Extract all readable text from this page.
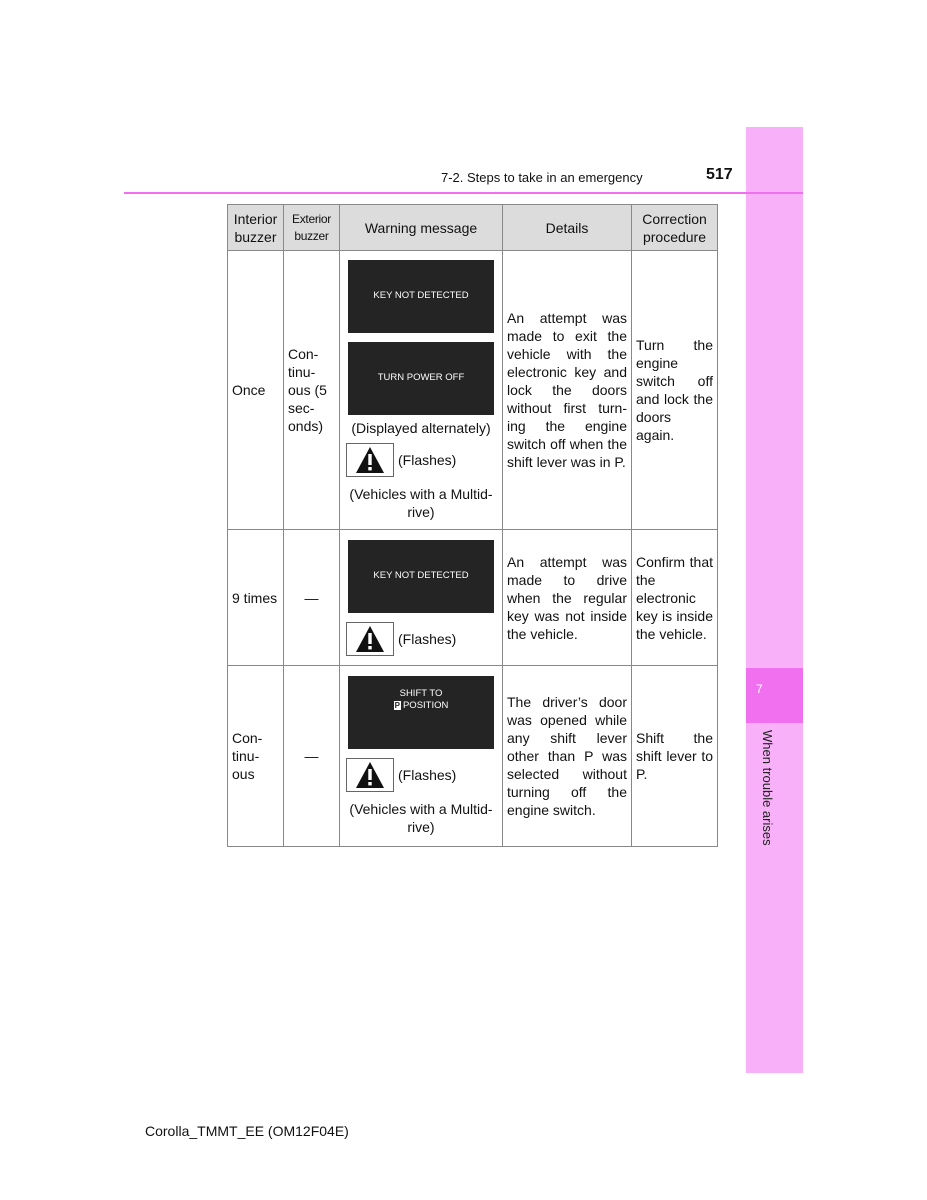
7
When trouble arises
7-2. Steps to take in an emergency	517
Interior buzzer	Exterior buzzer	Warning message	Details	Correction procedure
Once	Con-tinu-ous (5 sec-onds)	KEY NOT DETECTED
TURN POWER OFF
(Displayed alternately)
(Flashes)
(Vehicles with a Multid-rive)	An attempt was made to exit the vehicle with the electronic key and lock the doors without first turn-ing the engine switch off when the shift lever was in P.	Turn the engine switch off and lock the doors again.
9 times	—	KEY NOT DETECTED
(Flashes)	An attempt was made to drive when the regular key was not inside the vehicle.	Confirm that the electronic key is inside the vehicle.
Con-tinu-ous	—	SHIFT TO
P POSITION
(Flashes)
(Vehicles with a Multid-rive)	The driver’s door was opened while any shift lever other than P was selected without turning off the engine switch.	Shift the shift lever to P.
Corolla_TMMT_EE (OM12F04E)
